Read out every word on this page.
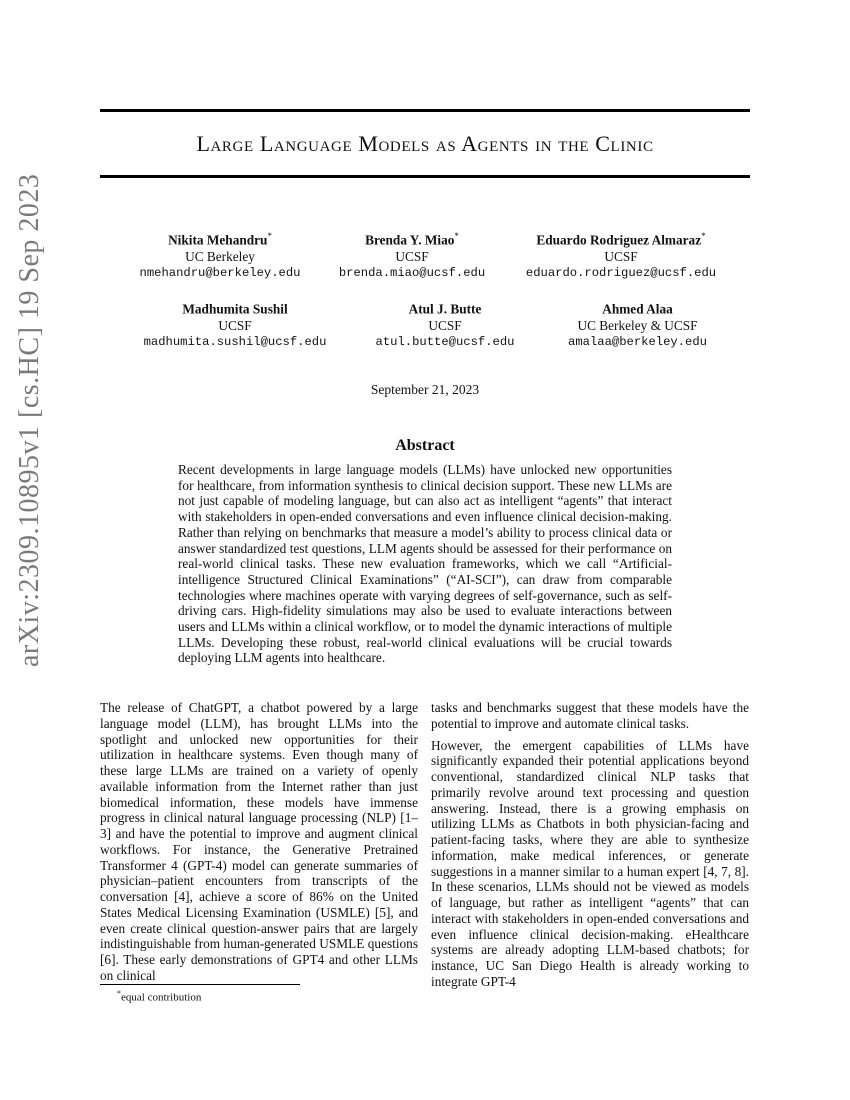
arXiv:2309.10895v1 [cs.HC] 19 Sep 2023
Large Language Models as Agents in the Clinic
Nikita Mehandru*
UC Berkeley
nmehandru@berkeley.edu
Brenda Y. Miao*
UCSF
brenda.miao@ucsf.edu
Eduardo Rodriguez Almaraz*
UCSF
eduardo.rodriguez@ucsf.edu
Madhumita Sushil
UCSF
madhumita.sushil@ucsf.edu
Atul J. Butte
UCSF
atul.butte@ucsf.edu
Ahmed Alaa
UC Berkeley & UCSF
amalaa@berkeley.edu
September 21, 2023
Abstract
Recent developments in large language models (LLMs) have unlocked new opportunities for healthcare, from information synthesis to clinical decision support. These new LLMs are not just capable of modeling language, but can also act as intelligent “agents” that interact with stakeholders in open-ended conversations and even influence clinical decision-making. Rather than relying on benchmarks that measure a model’s ability to process clinical data or answer standardized test questions, LLM agents should be assessed for their performance on real-world clinical tasks. These new evaluation frameworks, which we call “Artificial-intelligence Structured Clinical Examinations” (“AI-SCI”), can draw from comparable technologies where machines operate with varying degrees of self-governance, such as self-driving cars. High-fidelity simulations may also be used to evaluate interactions between users and LLMs within a clinical workflow, or to model the dynamic interactions of multiple LLMs. Developing these robust, real-world clinical evaluations will be crucial towards deploying LLM agents into healthcare.

The release of ChatGPT, a chatbot powered by a large language model (LLM), has brought LLMs into the spotlight and unlocked new opportunities for their utilization in healthcare systems. Even though many of these large LLMs are trained on a variety of openly available information from the Internet rather than just biomedical information, these models have immense progress in clinical natural language processing (NLP) [1–3] and have the potential to improve and augment clinical workflows. For instance, the Generative Pretrained Transformer 4 (GPT-4) model can generate summaries of physician–patient encounters from transcripts of the conversation [4], achieve a score of 86% on the United States Medical Licensing Examination (USMLE) [5], and even create clinical question-answer pairs that are largely indistinguishable from human-generated USMLE questions [6]. These early demonstrations of GPT4 and other LLMs on clinical

tasks and benchmarks suggest that these models have the potential to improve and automate clinical tasks.

However, the emergent capabilities of LLMs have significantly expanded their potential applications beyond conventional, standardized clinical NLP tasks that primarily revolve around text processing and question answering. Instead, there is a growing emphasis on utilizing LLMs as Chatbots in both physician-facing and patient-facing tasks, where they are able to synthesize information, make medical inferences, or generate suggestions in a manner similar to a human expert [4, 7, 8]. In these scenarios, LLMs should not be viewed as models of language, but rather as intelligent “agents” that can interact with stakeholders in open-ended conversations and even influence clinical decision-making. eHealthcare systems are already adopting LLM-based chatbots; for instance, UC San Diego Health is already working to integrate GPT-4

*equal contribution
